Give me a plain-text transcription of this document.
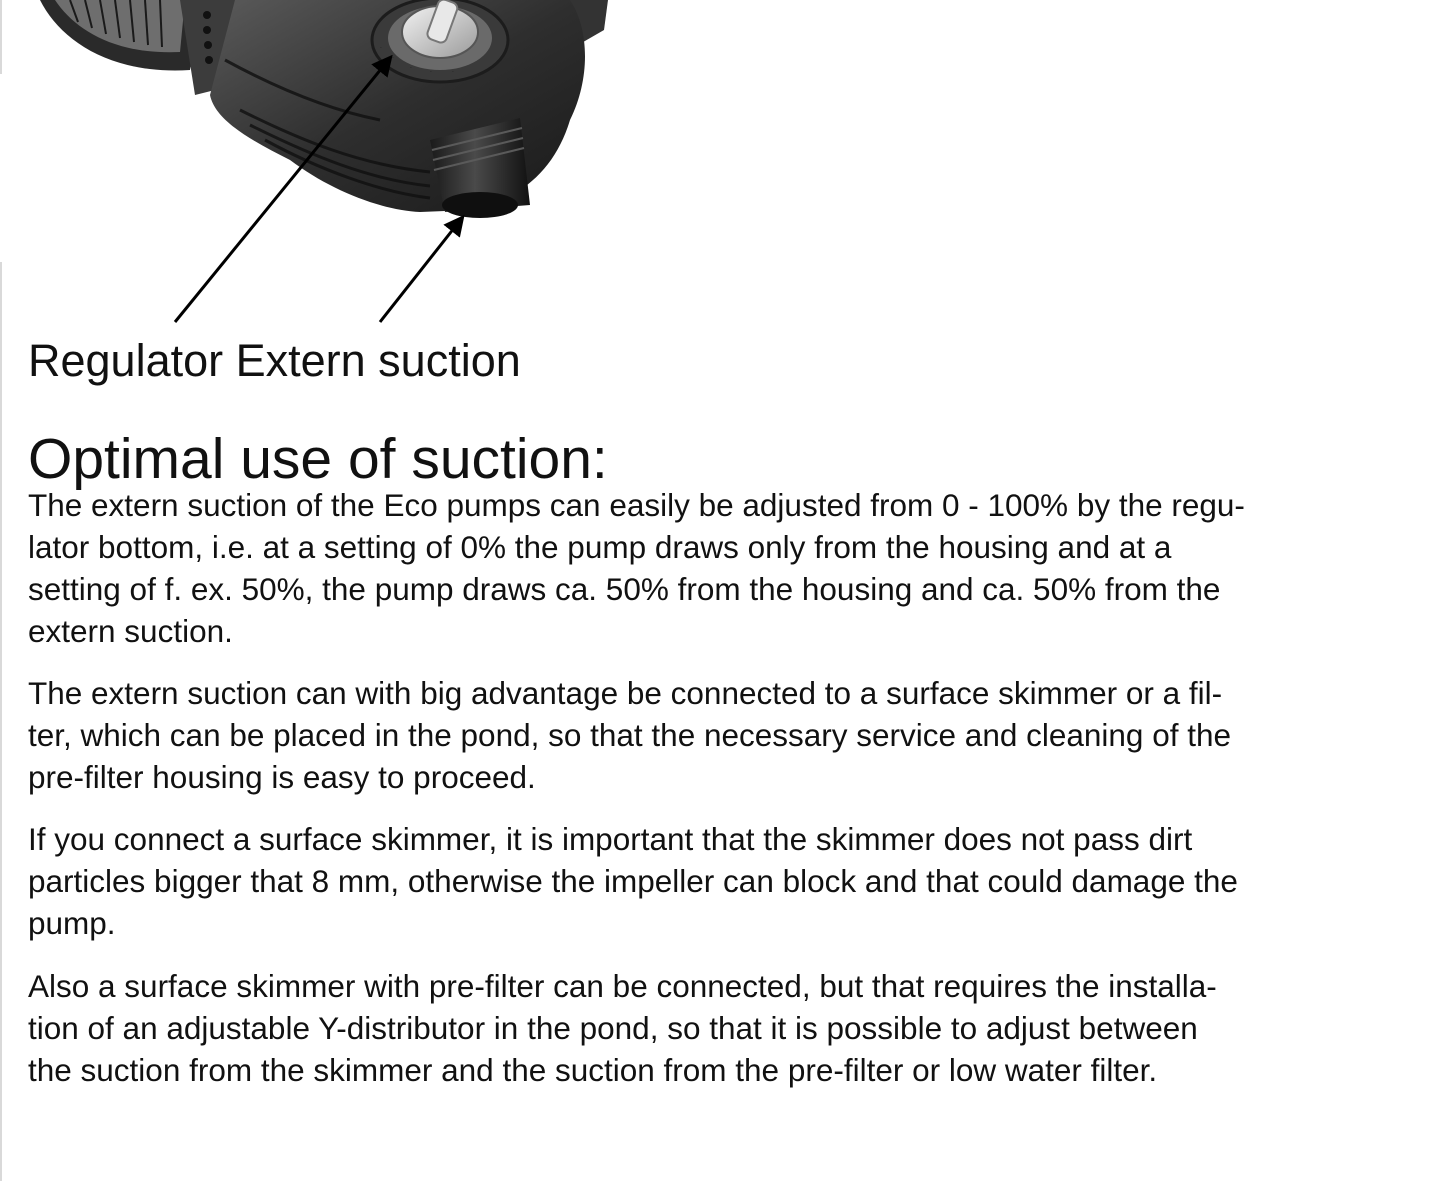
·
·
·
·	·
Regulator Extern suction
Optimal use of suction:
The extern suction of the Eco pumps can easily be adjusted from 0 - 100% by the regu-
lator bottom, i.e. at a setting of 0% the pump draws only from the housing and at a
setting of f. ex. 50%, the pump draws ca. 50% from the housing and ca. 50% from the
extern suction.
The extern suction can with big advantage be connected to a surface skimmer or a fil-
ter, which can be placed in the pond, so that the necessary service and cleaning of the
pre-filter housing is easy to proceed.
If you connect a surface skimmer, it is important that the skimmer does not pass dirt
particles bigger that 8 mm, otherwise the impeller can block and that could damage the
pump.
Also a surface skimmer with pre-filter can be connected, but that requires the installa-
tion of an adjustable Y-distributor in the pond, so that it is possible to adjust between
the suction from the skimmer and the suction from the pre-filter or low water filter.
